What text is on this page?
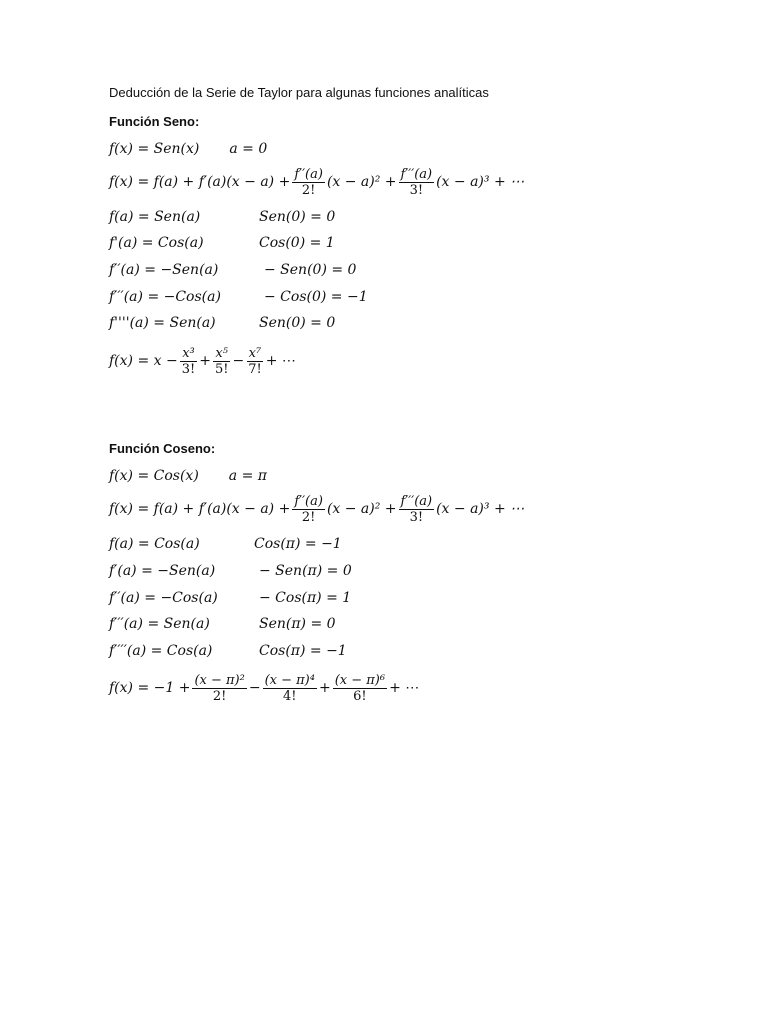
Deducción de la Serie de Taylor para algunas funciones analíticas
Función Seno:
f(x) = Sen(x) a = 0
$f(x) = f(a) + f'(a)(x - a) + \frac{f''(a)}{2!} (x - a)^2 + \frac{f'''(a)}{3!} (x - a)^3$ + ⋯
f(a) = Sen(a)	Sen(0) = 0
f'(a) = Cos(a)	Cos(0) = 1
f′′(a) = −Sen(a)	− Sen(0) = 0
f′′′(a) = −Cos(a)	− Cos(0) = −1
f''''(a) = Sen(a)	Sen(0) = 0
$f(x) = x - \frac{\text{x³}}{3!} + \frac{\text{x⁵}}{5!} - \frac{\text{x⁷}}{7!}$ + ⋯
Función Coseno:
f(x) = Cos(x) a = π
$f(x) = f(a) + f'(a)(x - a) + \frac{f''(a)}{2!} (x - a)^2 + \frac{f'''(a)}{3!} (x - a)^3$ + ⋯
f(a) = Cos(a)	Cos(π) = −1
f′(a) = −Sen(a)	− Sen(π) = 0
f′′(a) = −Cos(a)	− Cos(π) = 1
f′′′(a) = Sen(a)	Sen(π) = 0
f′′′′(a) = Cos(a)	Cos(π) = −1
$f(x) = -1 + \frac{\text{(x − π)²}}{2!} - \frac{\text{(x − π)⁴}}{4!} + \frac{\text{(x − π)⁶}}{6!}$ + ⋯
